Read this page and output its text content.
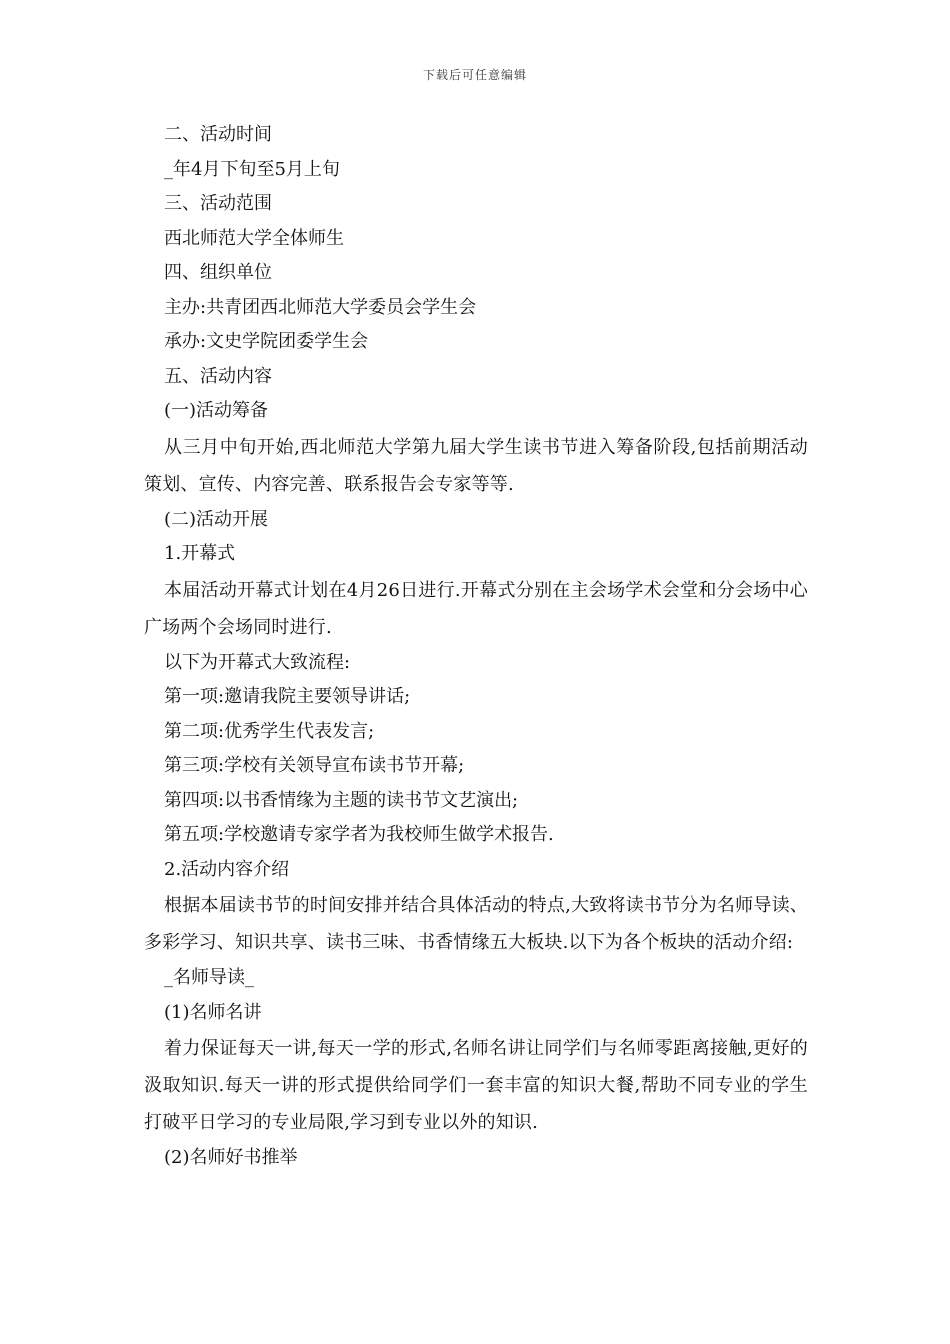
下载后可任意编辑

二、活动时间

_年4月下旬至5月上旬

三、活动范围

西北师范大学全体师生

四、组织单位

主办:共青团西北师范大学委员会学生会

承办:文史学院团委学生会

五、活动内容

(一)活动筹备

从三月中旬开始,西北师范大学第九届大学生读书节进入筹备阶段,包括前期活动策划、宣传、内容完善、联系报告会专家等等.

(二)活动开展

1.开幕式

本届活动开幕式计划在4月26日进行.开幕式分别在主会场学术会堂和分会场中心广场两个会场同时进行.

以下为开幕式大致流程:

第一项:邀请我院主要领导讲话;

第二项:优秀学生代表发言;

第三项:学校有关领导宣布读书节开幕;

第四项:以书香情缘为主题的读书节文艺演出;

第五项:学校邀请专家学者为我校师生做学术报告.

2.活动内容介绍

根据本届读书节的时间安排并结合具体活动的特点,大致将读书节分为名师导读、多彩学习、知识共享、读书三味、书香情缘五大板块.以下为各个板块的活动介绍:

_名师导读_

(1)名师名讲

着力保证每天一讲,每天一学的形式,名师名讲让同学们与名师零距离接触,更好的汲取知识.每天一讲的形式提供给同学们一套丰富的知识大餐,帮助不同专业的学生打破平日学习的专业局限,学习到专业以外的知识.

(2)名师好书推举
